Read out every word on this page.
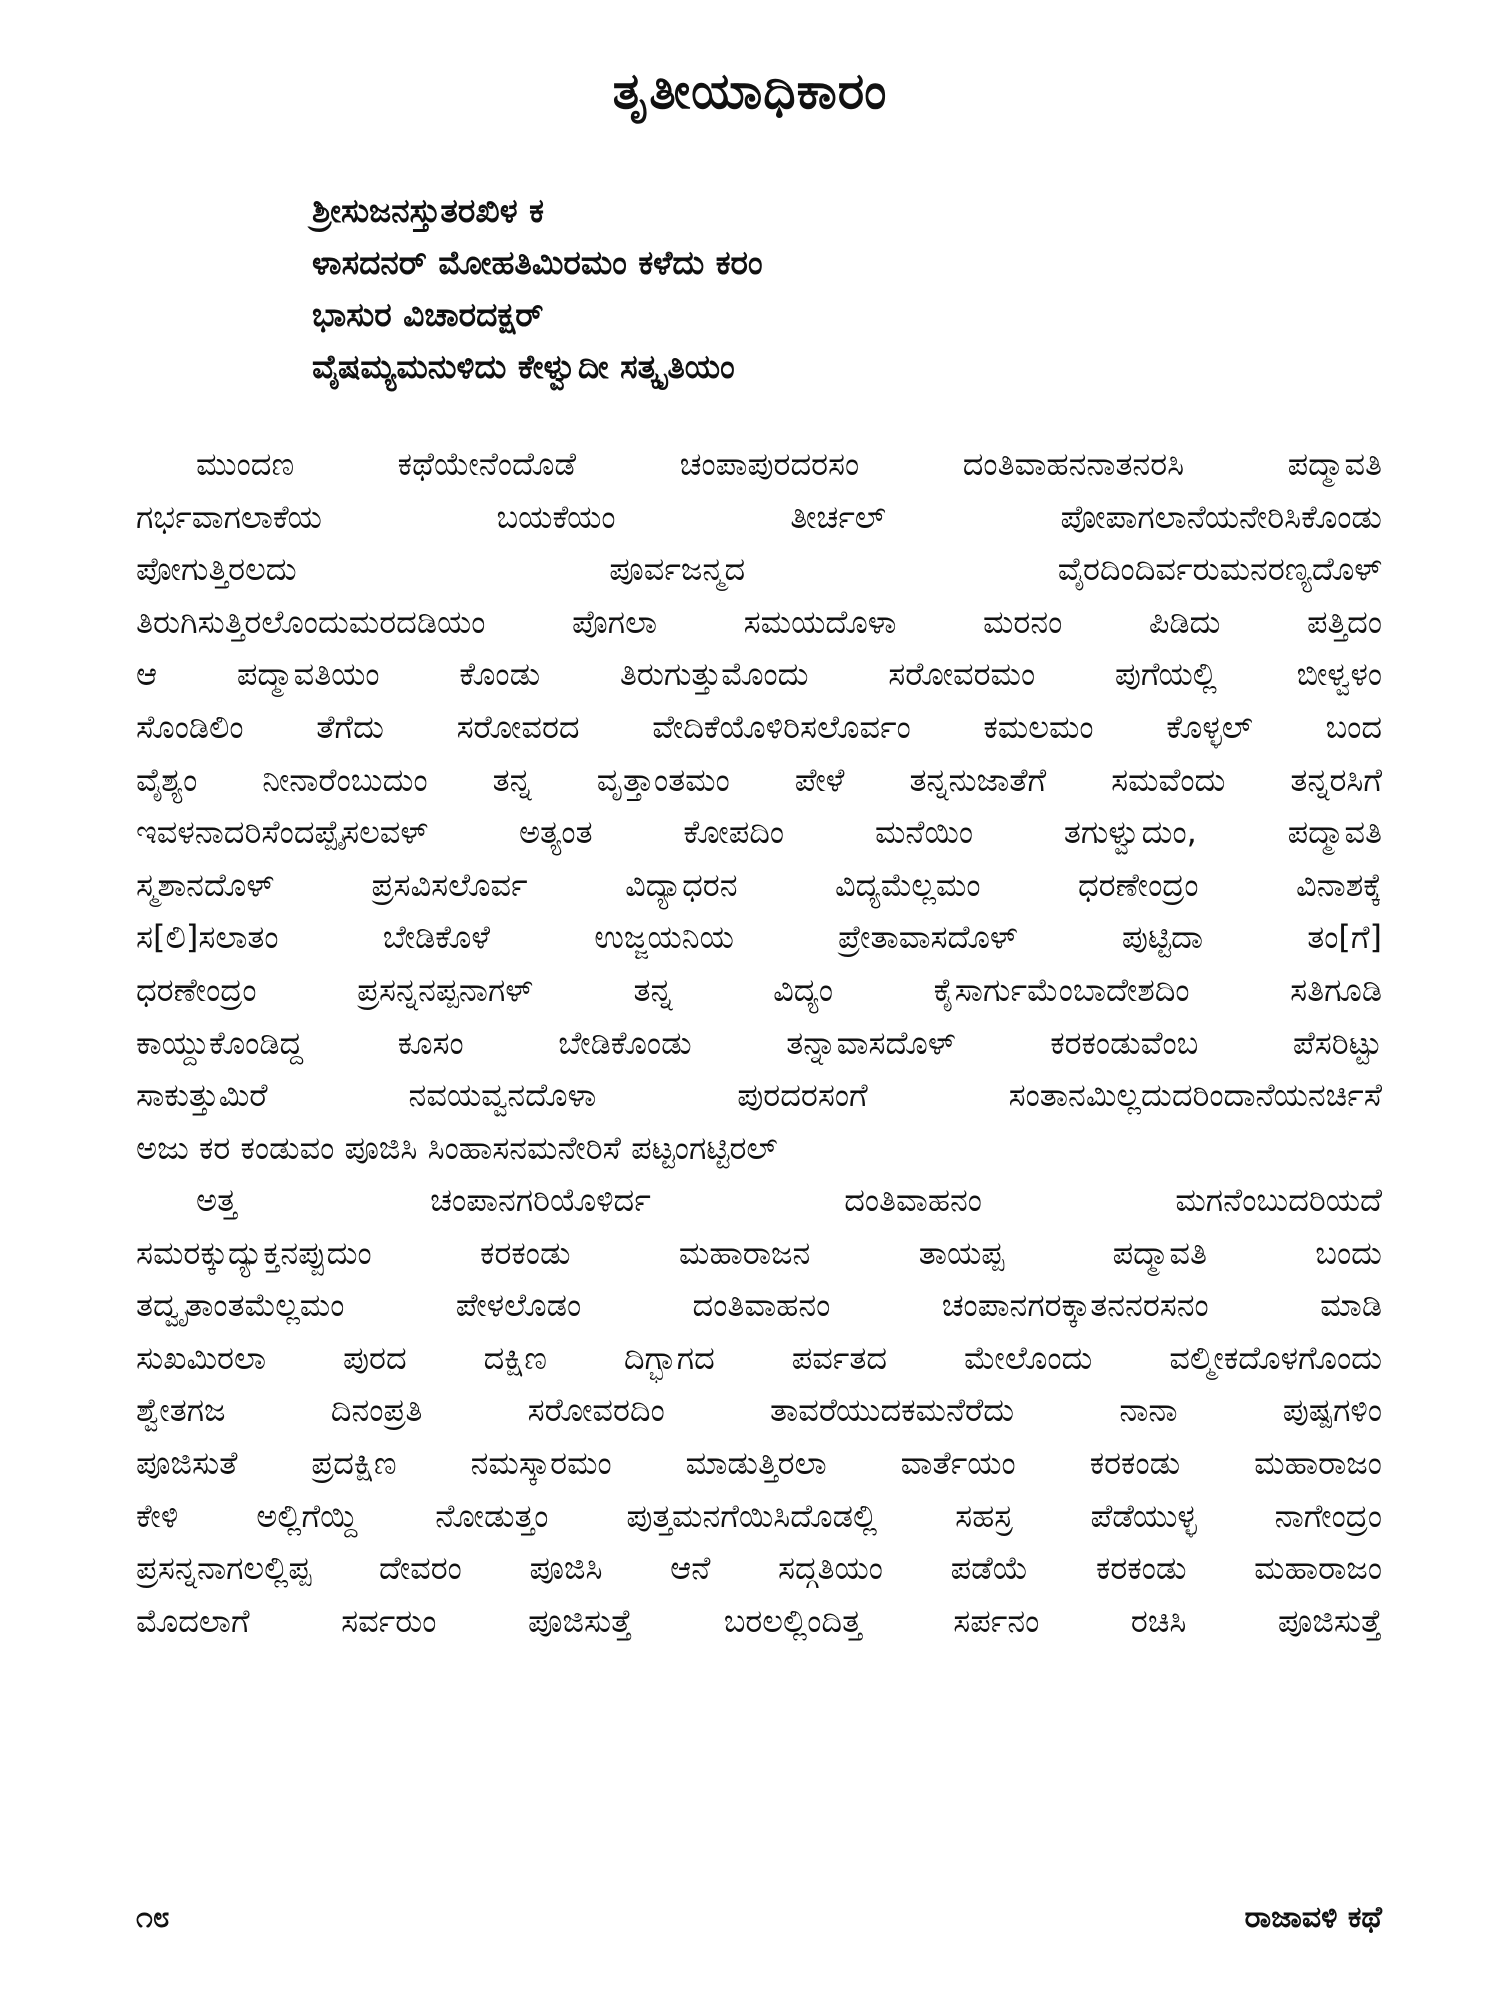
ತೃತೀಯಾಧಿಕಾರಂ
ಶ್ರೀಸುಜನಸ್ತುತರಖಿಳ ಕ
ಳಾಸದನರ್ ಮೋಹತಿಮಿರಮಂ ಕಳೆದು ಕರಂ
ಭಾಸುರ ವಿಚಾರದಕ್ಷರ್
ವೈಷಮ್ಯಮನುಳಿದು ಕೇಳ್ವುದೀ ಸತ್ಕೃತಿಯಂ
ಮುಂದಣ ಕಥೆಯೇನೆಂದೊಡೆ ಚಂಪಾಪುರದರಸಂ ದಂತಿವಾಹನನಾತನರಸಿ ಪದ್ಮಾವತಿ
ಗರ್ಭವಾಗಲಾಕೆಯ ಬಯಕೆಯಂ ತೀರ್ಚಲ್ ಪೋಪಾಗಲಾನೆಯನೇರಿಸಿಕೊಂಡು
ಪೋಗುತ್ತಿರಲದು ಪೂರ್ವಜನ್ಮದ ವೈರದಿಂದಿರ್ವರುಮನರಣ್ಯದೊಳ್
ತಿರುಗಿಸುತ್ತಿರಲೊಂದುಮರದಡಿಯಂ ಪೊಗಲಾ ಸಮಯದೊಳಾ ಮರನಂ ಪಿಡಿದು ಪತ್ತಿದಂ
ಆ ಪದ್ಮಾವತಿಯಂ ಕೊಂಡು ತಿರುಗುತ್ತುಮೊಂದು ಸರೋವರಮಂ ಪುಗೆಯಲ್ಲಿ ಬೀಳ್ವಳಂ
ಸೊಂಡಿಲಿಂ ತೆಗೆದು ಸರೋವರದ ವೇದಿಕೆಯೊಳಿರಿಸಲೊರ್ವಂ ಕಮಲಮಂ ಕೊಳ್ಳಲ್ ಬಂದ
ವೈಶ್ಯಂ ನೀನಾರೆಂಬುದುಂ ತನ್ನ ವೃತ್ತಾಂತಮಂ ಪೇಳೆ ತನ್ನನುಜಾತೆಗೆ ಸಮವೆಂದು ತನ್ನರಸಿಗೆ
ಇವಳನಾದರಿಸೆಂದಪ್ಪೈಸಲವಳ್ ಅತ್ಯಂತ ಕೋಪದಿಂ ಮನೆಯಿಂ ತಗುಳ್ವುದುಂ, ಪದ್ಮಾವತಿ
ಸ್ಮಶಾನದೊಳ್ ಪ್ರಸವಿಸಲೊರ್ವ ವಿದ್ಯಾಧರನ ವಿದ್ಯಮೆಲ್ಲಮಂ ಧರಣೇಂದ್ರಂ ವಿನಾಶಕ್ಕೆ
ಸ[ಲಿ]ಸಲಾತಂ ಬೇಡಿಕೊಳೆ ಉಜ್ಜಯನಿಯ ಪ್ರೇತಾವಾಸದೊಳ್ ಪುಟ್ಟಿದಾ ತಂ[ಗೆ]
ಧರಣೇಂದ್ರಂ ಪ್ರಸನ್ನನಪ್ಪನಾಗಳ್ ತನ್ನ ವಿದ್ಯಂ ಕೈಸಾರ್ಗುಮೆಂಬಾದೇಶದಿಂ ಸತಿಗೂಡಿ
ಕಾಯ್ದುಕೊಂಡಿದ್ದ ಕೂಸಂ ಬೇಡಿಕೊಂಡು ತನ್ನಾವಾಸದೊಳ್ ಕರಕಂಡುವೆಂಬ ಪೆಸರಿಟ್ಟು
ಸಾಕುತ್ತುಮಿರೆ ನವಯವ್ವನದೊಳಾ ಪುರದರಸಂಗೆ ಸಂತಾನಮಿಲ್ಲದುದರಿಂದಾನೆಯನರ್ಚಿಸೆ
ಅಜು ಕರ ಕಂಡುವಂ ಪೂಜಿಸಿ ಸಿಂಹಾಸನಮನೇರಿಸೆ ಪಟ್ಟಂಗಟ್ಟಿರಲ್
ಅತ್ತ ಚಂಪಾನಗರಿಯೊಳಿರ್ದ ದಂತಿವಾಹನಂ ಮಗನೆಂಬುದರಿಯದೆ
ಸಮರಕ್ಕುದ್ಯುಕ್ತನಪ್ಪುದುಂ ಕರಕಂಡು ಮಹಾರಾಜನ ತಾಯಪ್ಪ ಪದ್ಮಾವತಿ ಬಂದು
ತದ್ವೃತಾಂತಮೆಲ್ಲಮಂ ಪೇಳಲೊಡಂ ದಂತಿವಾಹನಂ ಚಂಪಾನಗರಕ್ಕಾತನನರಸನಂ ಮಾಡಿ
ಸುಖಮಿರಲಾ ಪುರದ ದಕ್ಷಿಣ ದಿಗ್ಭಾಗದ ಪರ್ವತದ ಮೇಲೊಂದು ವಲ್ಮೀಕದೊಳಗೊಂದು
ಶ್ವೇತಗಜ ದಿನಂಪ್ರತಿ ಸರೋವರದಿಂ ತಾವರೆಯುದಕಮನೆರೆದು ನಾನಾ ಪುಷ್ಪಗಳಿಂ
ಪೂಜಿಸುತೆ ಪ್ರದಕ್ಷಿಣ ನಮಸ್ಕಾರಮಂ ಮಾಡುತ್ತಿರಲಾ ವಾರ್ತೆಯಂ ಕರಕಂಡು ಮಹಾರಾಜಂ
ಕೇಳಿ ಅಲ್ಲಿಗೆಯ್ದಿ ನೋಡುತ್ತಂ ಪುತ್ತಮನಗೆಯಿಸಿದೊಡಲ್ಲಿ ಸಹಸ್ರ ಪೆಡೆಯುಳ್ಳ ನಾಗೇಂದ್ರಂ
ಪ್ರಸನ್ನನಾಗಲಲ್ಲಿಪ್ಪ ದೇವರಂ ಪೂಜಿಸಿ ಆನೆ ಸದ್ಗತಿಯಂ ಪಡೆಯೆ ಕರಕಂಡು ಮಹಾರಾಜಂ
ಮೊದಲಾಗೆ ಸರ್ವರುಂ ಪೂಜಿಸುತ್ತೆ ಬರಲಲ್ಲಿಂದಿತ್ತ ಸರ್ಪನಂ ರಚಿಸಿ ಪೂಜಿಸುತ್ತೆ
೧೮	ರಾಜಾವಳಿ ಕಥೆ
